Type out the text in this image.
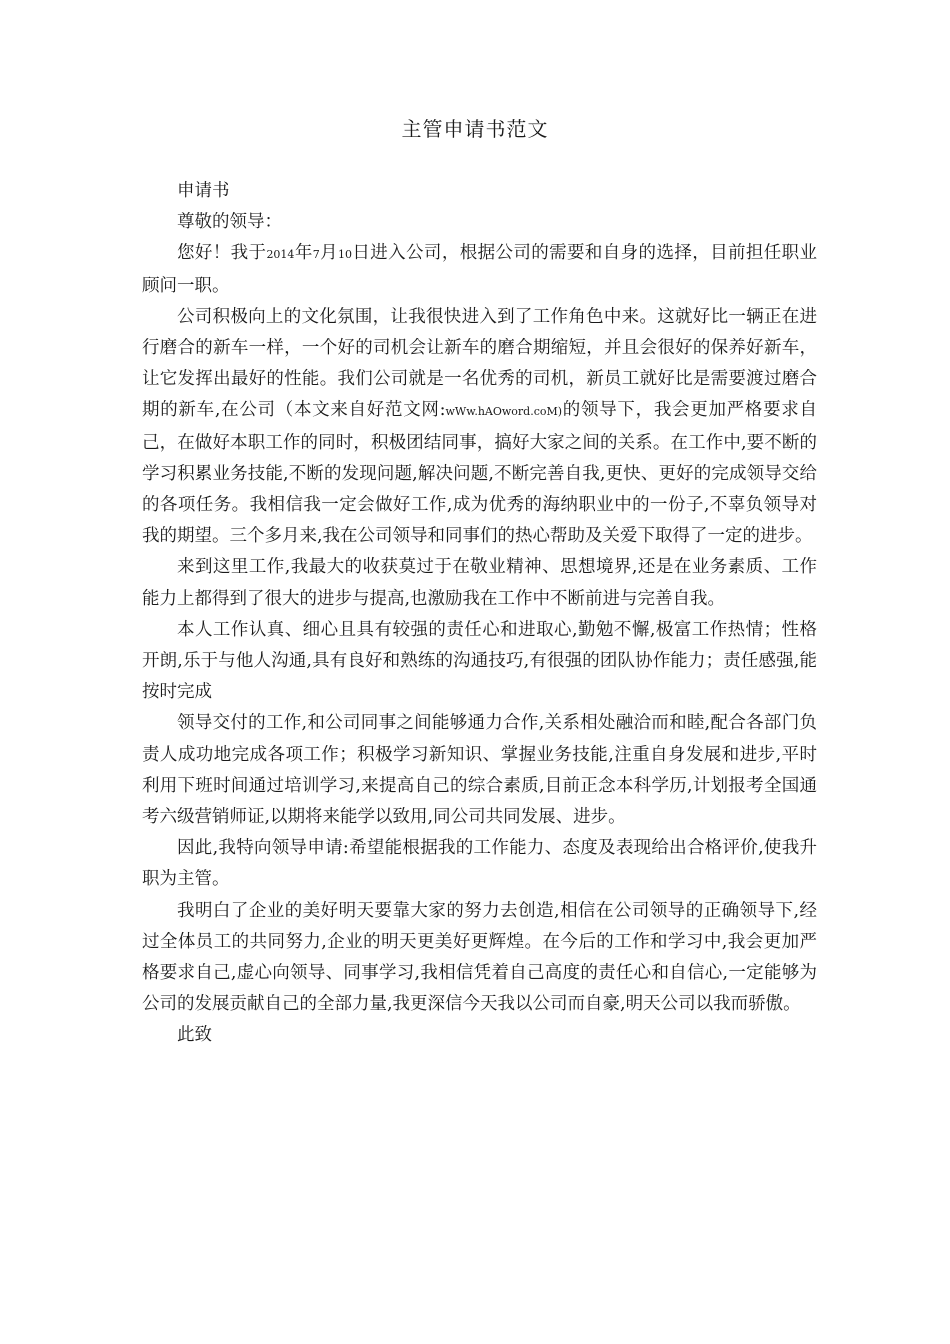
主管申请书范文

申请书

尊敬的领导：

您好！我于2014年7月10日进入公司，根据公司的需要和自身的选择，目前担任职业顾问一职。

公司积极向上的文化氛围，让我很快进入到了工作角色中来。这就好比一辆正在进行磨合的新车一样，一个好的司机会让新车的磨合期缩短，并且会很好的保养好新车，让它发挥出最好的性能。我们公司就是一名优秀的司机，新员工就好比是需要渡过磨合期的新车,在公司（本文来自好范文网:wWw.hAOword.coM)的领导下，我会更加严格要求自己，在做好本职工作的同时，积极团结同事，搞好大家之间的关系。在工作中,要不断的学习积累业务技能,不断的发现问题,解决问题,不断完善自我,更快、更好的完成领导交给的各项任务。我相信我一定会做好工作,成为优秀的海纳职业中的一份子,不辜负领导对我的期望。三个多月来,我在公司领导和同事们的热心帮助及关爱下取得了一定的进步。

来到这里工作,我最大的收获莫过于在敬业精神、思想境界,还是在业务素质、工作能力上都得到了很大的进步与提高,也激励我在工作中不断前进与完善自我。

本人工作认真、细心且具有较强的责任心和进取心,勤勉不懈,极富工作热情；性格开朗,乐于与他人沟通,具有良好和熟练的沟通技巧,有很强的团队协作能力；责任感强,能按时完成

领导交付的工作,和公司同事之间能够通力合作,关系相处融洽而和睦,配合各部门负责人成功地完成各项工作；积极学习新知识、掌握业务技能,注重自身发展和进步,平时利用下班时间通过培训学习,来提高自己的综合素质,目前正念本科学历,计划报考全国通考六级营销师证,以期将来能学以致用,同公司共同发展、进步。

因此,我特向领导申请:希望能根据我的工作能力、态度及表现给出合格评价,使我升职为主管。

我明白了企业的美好明天要靠大家的努力去创造,相信在公司领导的正确领导下,经过全体员工的共同努力,企业的明天更美好更辉煌。在今后的工作和学习中,我会更加严格要求自己,虚心向领导、同事学习,我相信凭着自己高度的责任心和自信心,一定能够为公司的发展贡献自己的全部力量,我更深信今天我以公司而自豪,明天公司以我而骄傲。

此致
